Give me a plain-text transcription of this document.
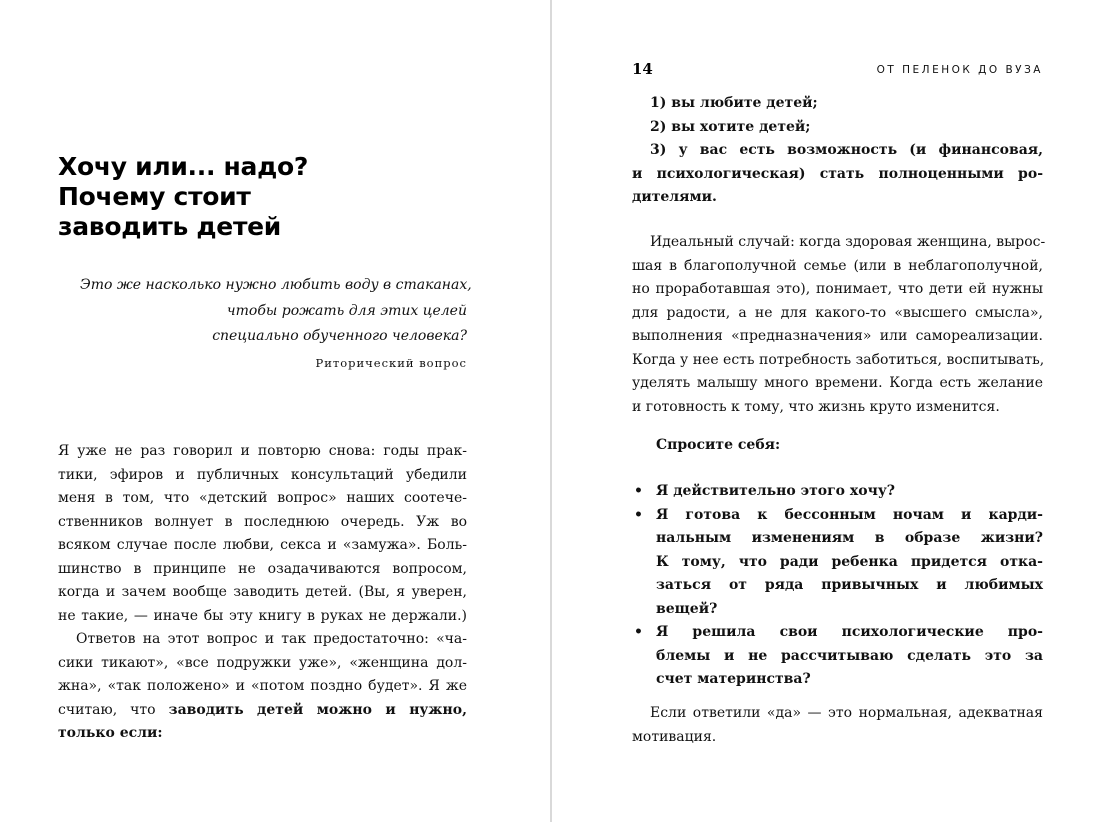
Хочу или... надо?
Почему стоит
заводить детей
Это же насколько нужно любить воду в стаканах,
чтобы рожать для этих целей
специально обученного человека?
Риторический вопрос
Я уже не раз говорил и повторю снова: годы прак-
тики, эфиров и публичных консультаций убедили
меня в том, что «детский вопрос» наших соотече-
ственников волнует в последнюю очередь. Уж во
всяком случае после любви, секса и «замужа». Боль-
шинство в принципе не озадачиваются вопросом,
когда и зачем вообще заводить детей. (Вы, я уверен,
не такие, — иначе бы эту книгу в руках не держали.)
Ответов на этот вопрос и так предостаточно: «ча-
сики тикают», «все подружки уже», «женщина дол-
жна», «так положено» и «потом поздно будет». Я же
считаю, что заводить детей можно и нужно,
только если:
14	ОТ ПЕЛЕНОК ДО ВУЗА
1) вы любите детей;
2) вы хотите детей;
3) у вас есть возможность (и финансовая,
и психологическая) стать полноценными ро-
дителями.
Идеальный случай: когда здоровая женщина, вырос-
шая в благополучной семье (или в неблагополучной,
но проработавшая это), понимает, что дети ей нужны
для радости, а не для какого-то «высшего смысла»,
выполнения «предназначения» или самореализации.
Когда у нее есть потребность заботиться, воспитывать,
уделять малышу много времени. Когда есть желание
и готовность к тому, что жизнь круто изменится.
Спросите себя:
• Я действительно этого хочу?
• Я готова к бессонным ночам и карди-
нальным изменениям в образе жизни?
К тому, что ради ребенка придется отка-
заться от ряда привычных и любимых
вещей?
• Я решила свои психологические про-
блемы и не рассчитываю сделать это за
счет материнства?
Если ответили «да» — это нормальная, адекватная
мотивация.
